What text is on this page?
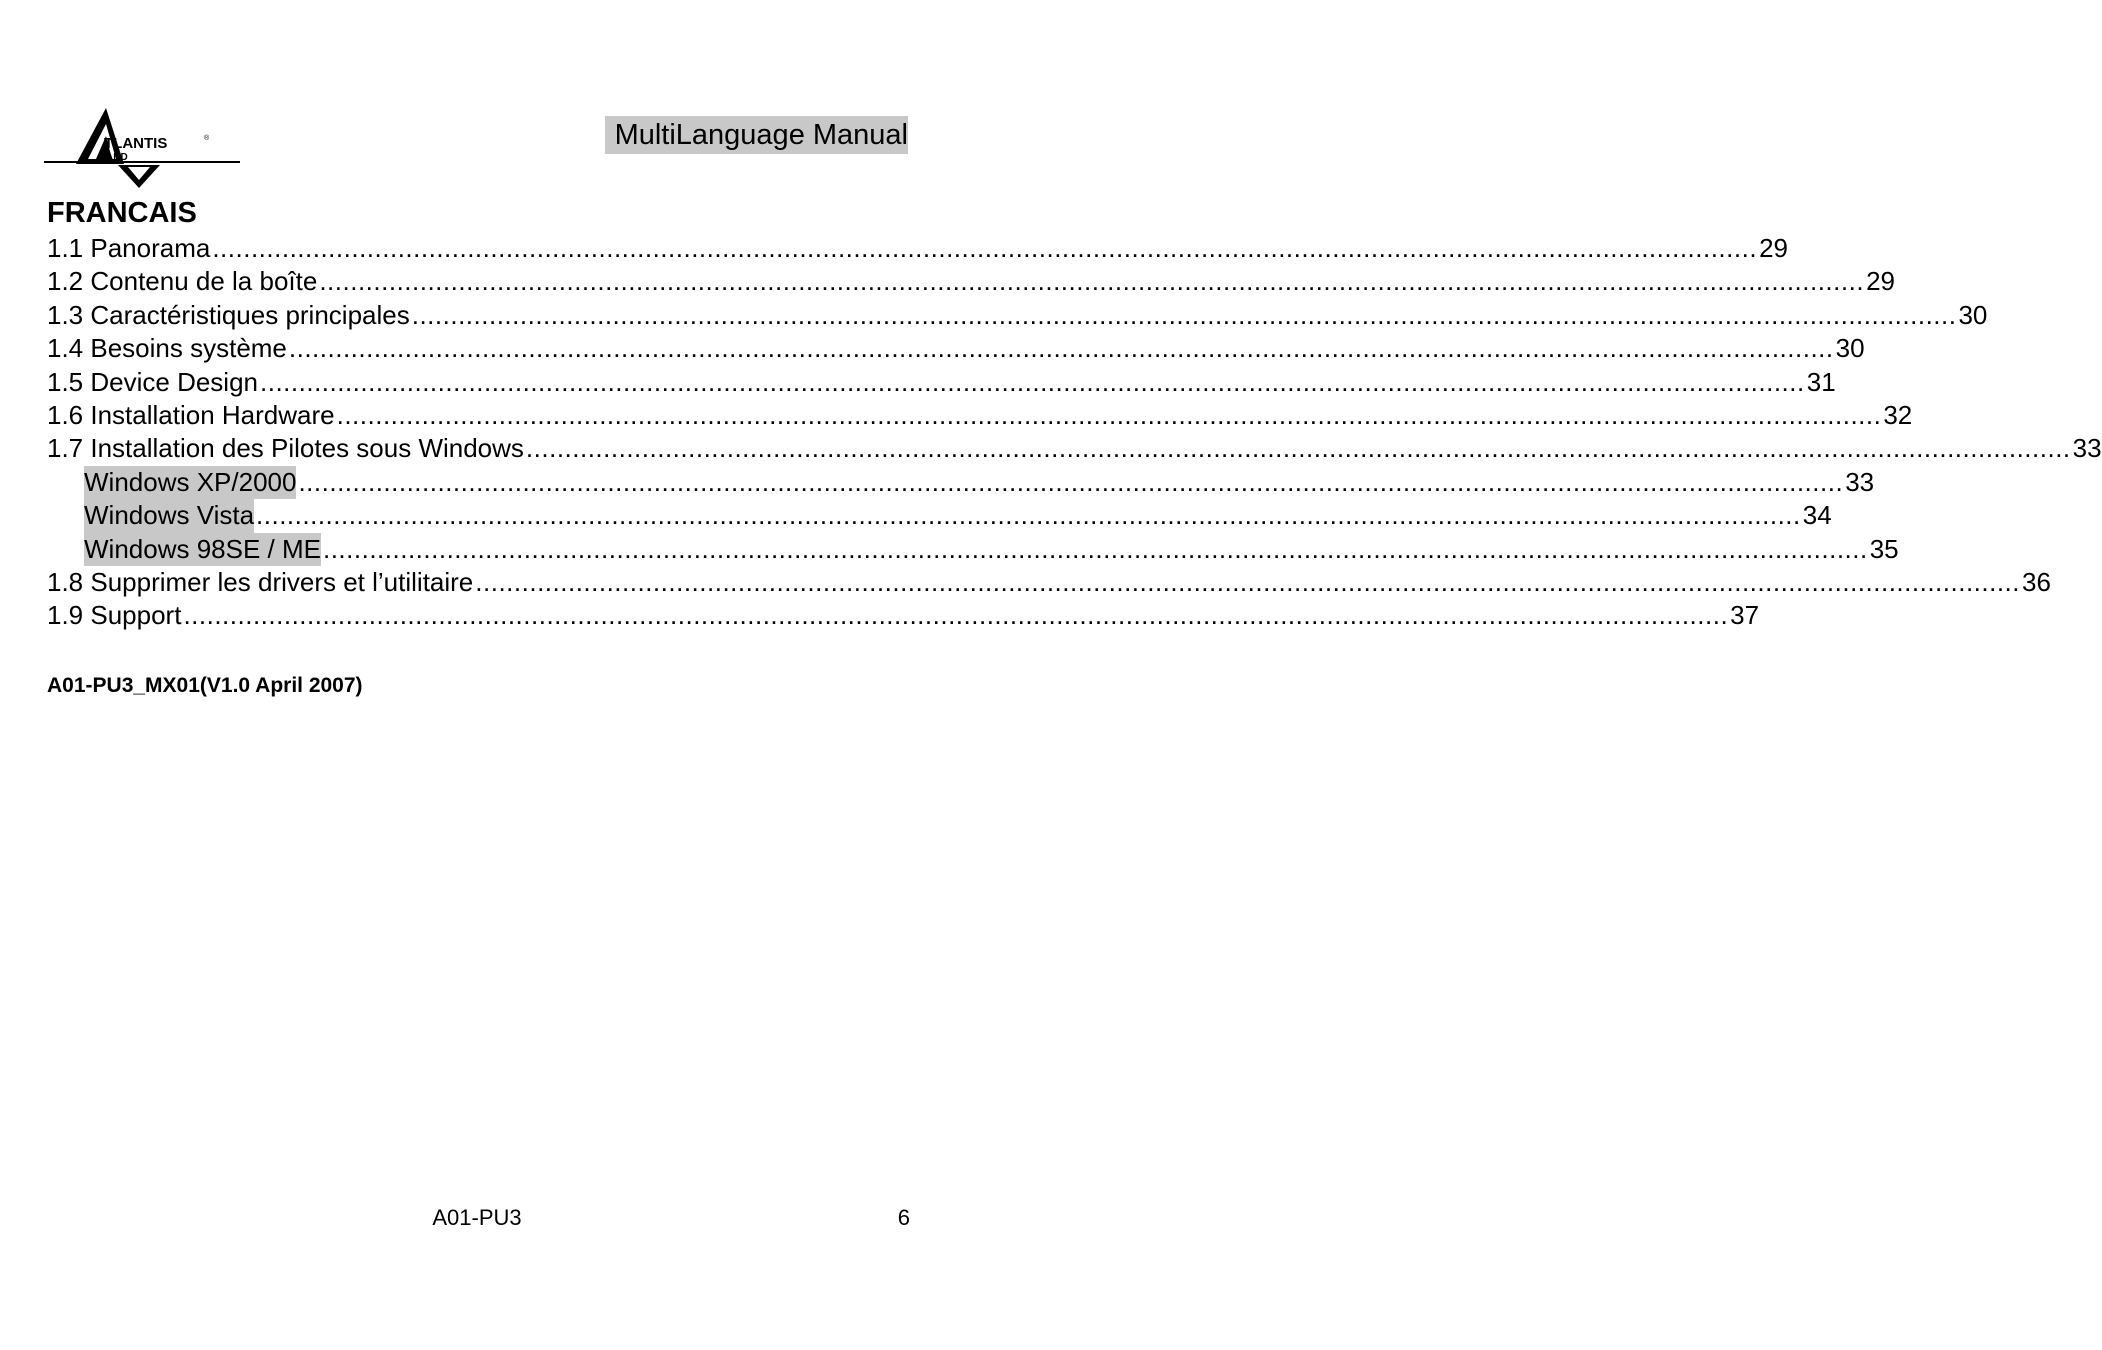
TLANTIS	®
AND
MultiLanguage Manual
FRANCAIS
1.1 Panorama ........................................................................................................................................................................................................ 29
1.2 Contenu de la boîte ........................................................................................................................................................................................................ 29
1.3 Caractéristiques principales ........................................................................................................................................................................................................ 30
1.4 Besoins système ........................................................................................................................................................................................................ 30
1.5 Device Design ........................................................................................................................................................................................................ 31
1.6 Installation Hardware ........................................................................................................................................................................................................ 32
1.7 Installation des Pilotes sous Windows ........................................................................................................................................................................................................ 33
Windows XP/2000 ........................................................................................................................................................................................................ 33
Windows Vista ........................................................................................................................................................................................................ 34
Windows 98SE / ME ........................................................................................................................................................................................................ 35
1.8 Supprimer les drivers et l’utilitaire ........................................................................................................................................................................................................ 36
1.9 Support ........................................................................................................................................................................................................ 37
A01-PU3_MX01(V1.0 April 2007)
A01-PU3	6
